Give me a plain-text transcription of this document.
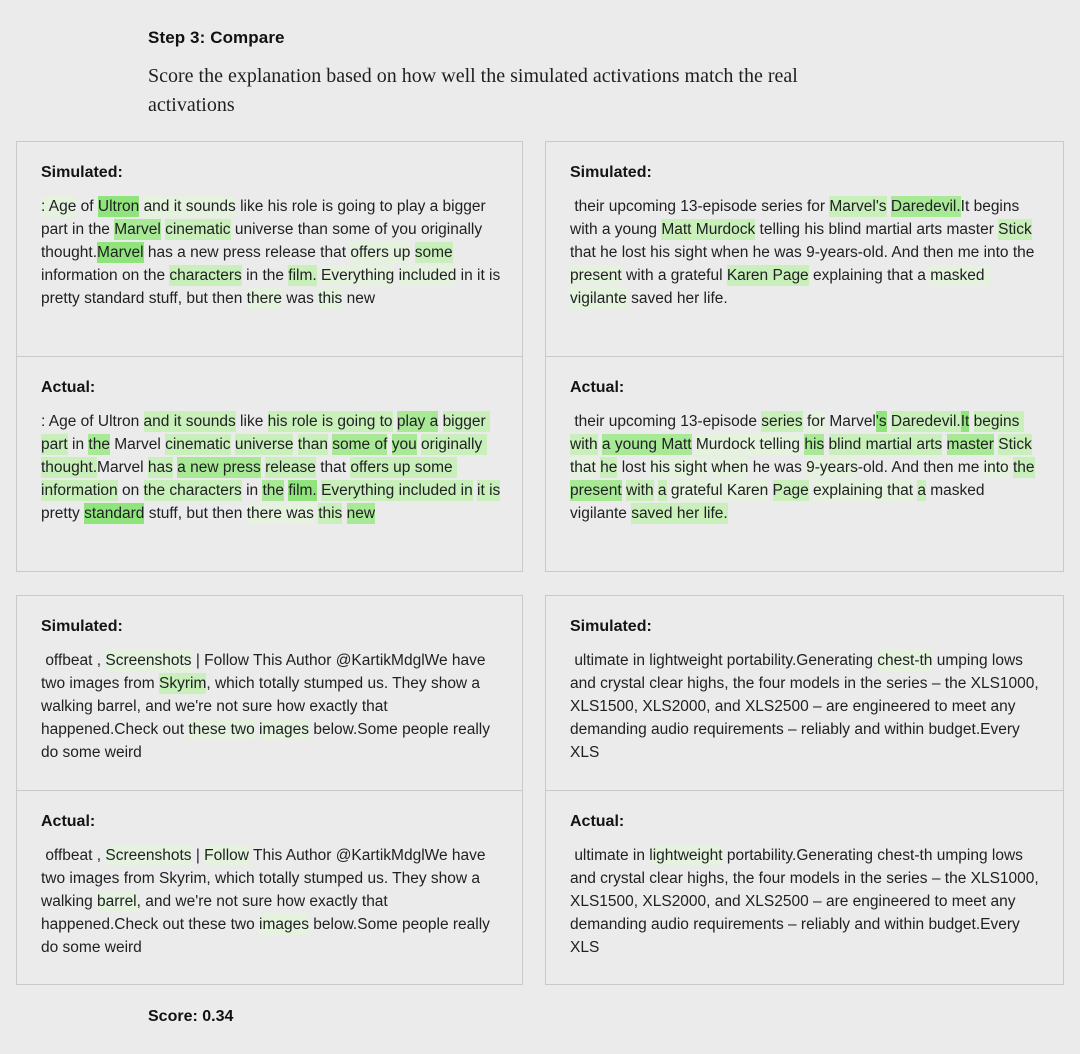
Step 3: Compare

Score the explanation based on how well the simulated activations match the real activations

Simulated:
: Age of Ultron and it sounds like his role is going to play a bigger part in the Marvel cinematic universe than some of you originally thought.Marvel has a new press release that offers up some information on the characters in the film. Everything included in it is pretty standard stuff, but then there was this new
Actual:
: Age of Ultron and it sounds like his role is going to play a bigger part in the Marvel cinematic universe than some of you originally thought.Marvel has a new press release that offers up some information on the characters in the film. Everything included in it is pretty standard stuff, but then there was this new
Simulated:
their upcoming 13-episode series for Marvel's Daredevil.It begins with a young Matt Murdock telling his blind martial arts master Stick that he lost his sight when he was 9-years-old. And then me into the present with a grateful Karen Page explaining that a masked vigilante saved her life.
Actual:
their upcoming 13-episode series for Marvel's Daredevil.It begins with a young Matt Murdock telling his blind martial arts master Stick that he lost his sight when he was 9-years-old. And then me into the present with a grateful Karen Page explaining that a masked vigilante saved her life.
Simulated:
offbeat , Screenshots | Follow This Author @KartikMdglWe have two images from Skyrim, which totally stumped us. They show a walking barrel, and we're not sure how exactly that happened.Check out these two images below.Some people really do some weird
Actual:
offbeat , Screenshots | Follow This Author @KartikMdglWe have two images from Skyrim, which totally stumped us. They show a walking barrel, and we're not sure how exactly that happened.Check out these two images below.Some people really do some weird
Simulated:
ultimate in lightweight portability.Generating chest-th umping lows and crystal clear highs, the four models in the series – the XLS1000, XLS1500, XLS2000, and XLS2500 – are engineered to meet any demanding audio requirements – reliably and within budget.Every XLS
Actual:
ultimate in lightweight portability.Generating chest-th umping lows and crystal clear highs, the four models in the series – the XLS1000, XLS1500, XLS2000, and XLS2500 – are engineered to meet any demanding audio requirements – reliably and within budget.Every XLS
Score: 0.34
